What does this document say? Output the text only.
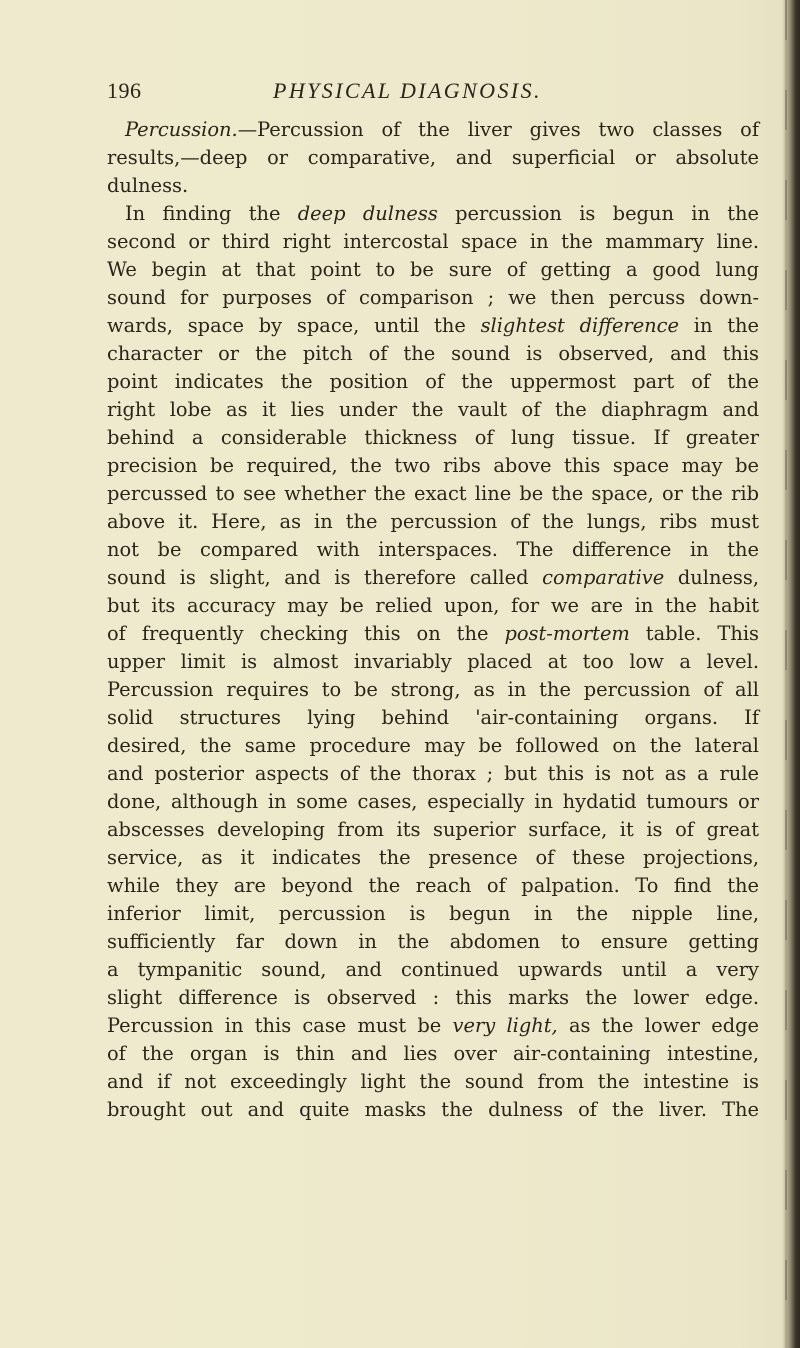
196	PHYSICAL DIAGNOSIS.
Percussion.—Percussion of the liver gives two classes of
results,—deep or comparative, and superficial or absolute
dulness.
In finding the deep dulness percussion is begun in the
second or third right intercostal space in the mammary line.
We begin at that point to be sure of getting a good lung
sound for purposes of comparison ; we then percuss down-
wards, space by space, until the slightest difference in the
character or the pitch of the sound is observed, and this
point indicates the position of the uppermost part of the
right lobe as it lies under the vault of the diaphragm and
behind a considerable thickness of lung tissue. If greater
precision be required, the two ribs above this space may be
percussed to see whether the exact line be the space, or the rib
above it. Here, as in the percussion of the lungs, ribs must
not be compared with interspaces. The difference in the
sound is slight, and is therefore called comparative dulness,
but its accuracy may be relied upon, for we are in the habit
of frequently checking this on the post-mortem table. This
upper limit is almost invariably placed at too low a level.
Percussion requires to be strong, as in the percussion of all
solid structures lying behind 'air-containing organs. If
desired, the same procedure may be followed on the lateral
and posterior aspects of the thorax ; but this is not as a rule
done, although in some cases, especially in hydatid tumours or
abscesses developing from its superior surface, it is of great
service, as it indicates the presence of these projections,
while they are beyond the reach of palpation. To find the
inferior limit, percussion is begun in the nipple line,
sufficiently far down in the abdomen to ensure getting
a tympanitic sound, and continued upwards until a very
slight difference is observed : this marks the lower edge.
Percussion in this case must be very light, as the lower edge
of the organ is thin and lies over air-containing intestine,
and if not exceedingly light the sound from the intestine is
brought out and quite masks the dulness of the liver. The
